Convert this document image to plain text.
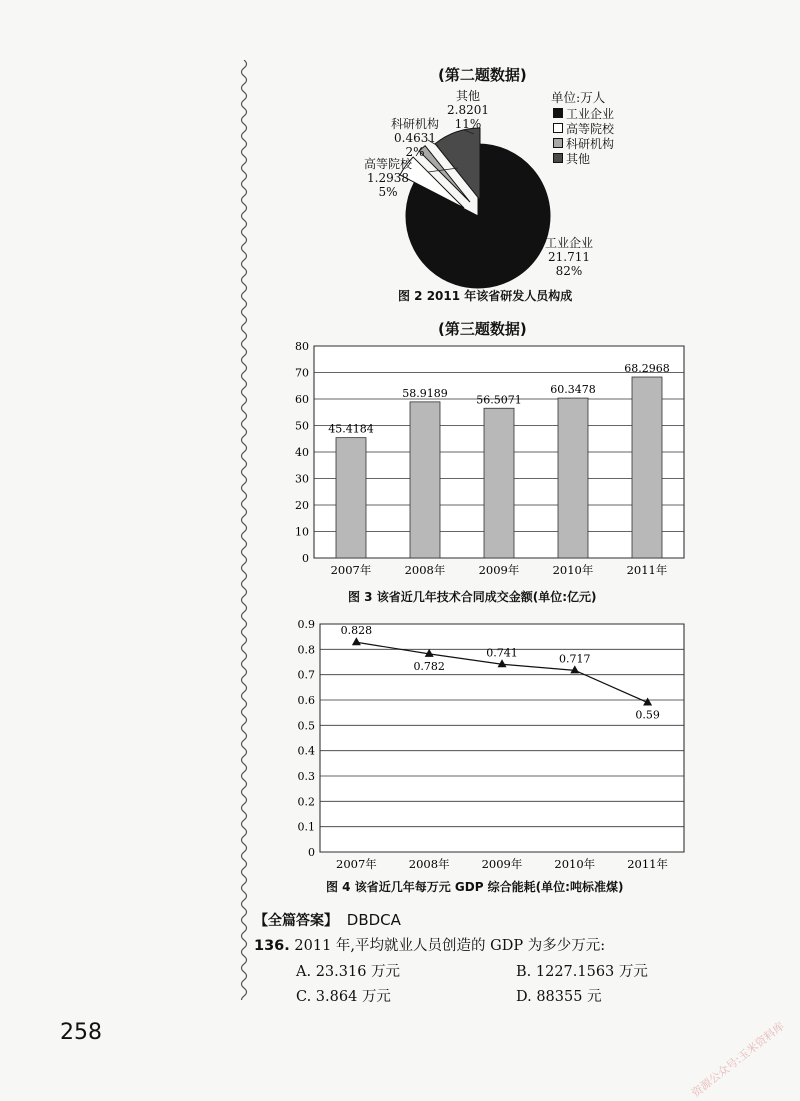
(第二题数据)
单位:万人
其他
2.8201
11%
科研机构
0.4631
2%
高等院校
1.2938
5%
工业企业
21.711
82%
工业企业
高等院校
科研机构
其他
图 2 2011 年该省研发人员构成
(第三题数据)
0
10
20
30
40
50
60
70
80
45.4184
2007年
58.9189
2008年
56.5071
2009年
60.3478
2010年
68.2968
2011年
图 3 该省近几年技术合同成交金额(单位:亿元)
0
0.1
0.2
0.3
0.4
0.5
0.6
0.7
0.8
0.9 0.828
2007年
0.782
2008年
0.741
2009年
0.717
2010年
0.59
2011年
图 4 该省近几年每万元 GDP 综合能耗(单位:吨标准煤)
【全篇答案】 DBDCA
136. 2011 年,平均就业人员创造的 GDP 为多少万元:
A. 23.316 万元	B. 1227.1563 万元
C. 3.864 万元	D. 88355 元
258	资源公众号:玉米资料库
